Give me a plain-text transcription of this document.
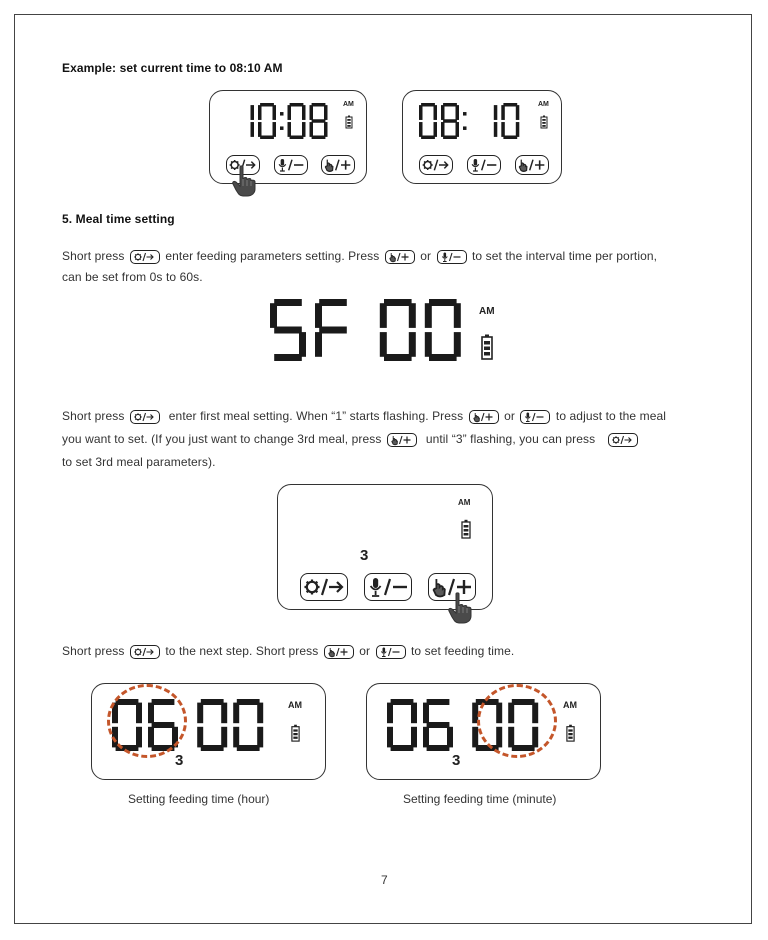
Example: set current time to 08:10 AM
AM	AM
5. Meal time setting
Short press	enter feeding parameters setting. Press	or	to set the interval time per portion,
can be set from 0s to 60s.
AM
Short press	enter first meal setting. When “1” starts flashing. Press	or	to adjust to the meal
you want to set. (If you just want to change 3rd meal, press	until “3” flashing, you can press
to set 3rd meal parameters).
AM
3
Short press	to the next step. Short press	or	to set feeding time.
AM
3
Setting feeding time (hour)
AM
3
Setting feeding time (minute)
7
